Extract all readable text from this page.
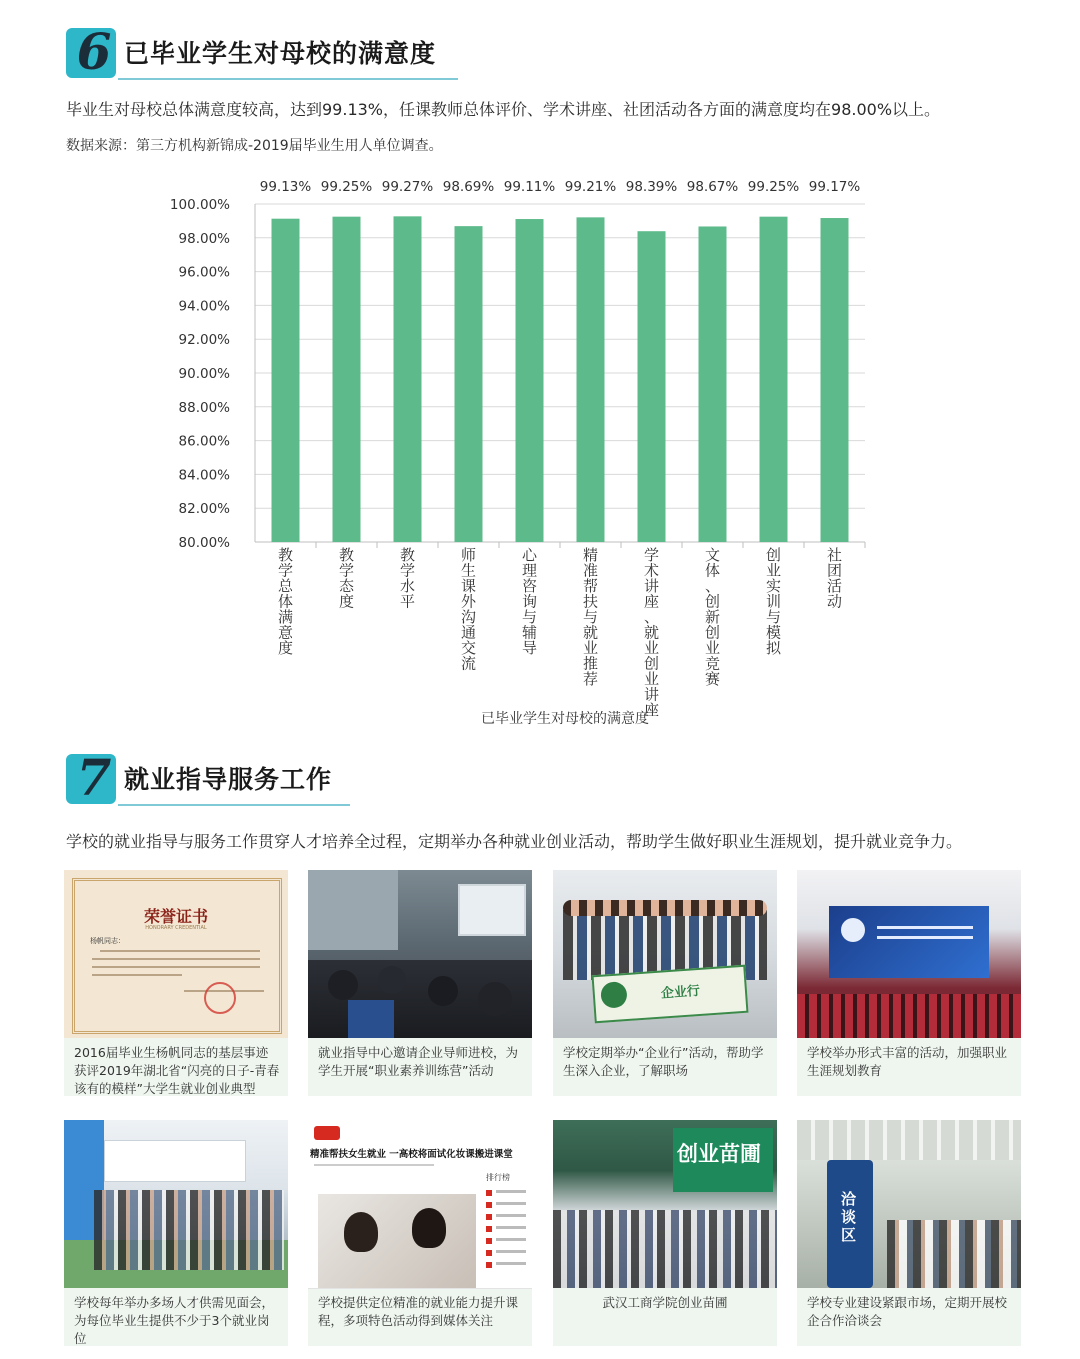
6 已毕业学生对母校的满意度
毕业生对母校总体满意度较高，达到99.13%，任课教师总体评价、学术讲座、社团活动各方面的满意度均在98.00%以上。
数据来源：第三方机构新锦成-2019届毕业生用人单位调查。
80.00%
82.00%
84.00%
86.00%
88.00%
90.00%
92.00%
94.00%
96.00%
98.00%
100.00%
99.13%
教学总体满意度
99.25%
教学态度
99.27%
教学水平
98.69%
师生课外沟通交流
99.11%
心理咨询与辅导
99.21%
精准帮扶与就业推荐
98.39%
学术讲座、就业创业讲座
98.67%
文体、创新创业竞赛
99.25%
创业实训与模拟
99.17%
社团活动
已毕业学生对母校的满意度
7 就业指导服务工作
学校的就业指导与服务工作贯穿人才培养全过程，定期举办各种就业创业活动，帮助学生做好职业生涯规划，提升就业竞争力。
荣誉证书
HONORARY CREDENTIAL
杨帆同志：
2016届毕业生杨帆同志的基层事迹获评2019年湖北省“闪亮的日子-青春该有的模样”大学生就业创业典型
就业指导中心邀请企业导师进校，为学生开展“职业素养训练营”活动
企业行
学校定期举办“企业行”活动，帮助学生深入企业，了解职场
学校举办形式丰富的活动，加强职业生涯规划教育
学校每年举办多场人才供需见面会，为每位毕业生提供不少于3个就业岗位
精准帮扶女生就业 一高校将面试化妆课搬进课堂
排行榜
学校提供定位精准的就业能力提升课程，多项特色活动得到媒体关注
创业苗圃
武汉工商学院创业苗圃
洽谈区
学校专业建设紧跟市场，定期开展校企合作洽谈会
